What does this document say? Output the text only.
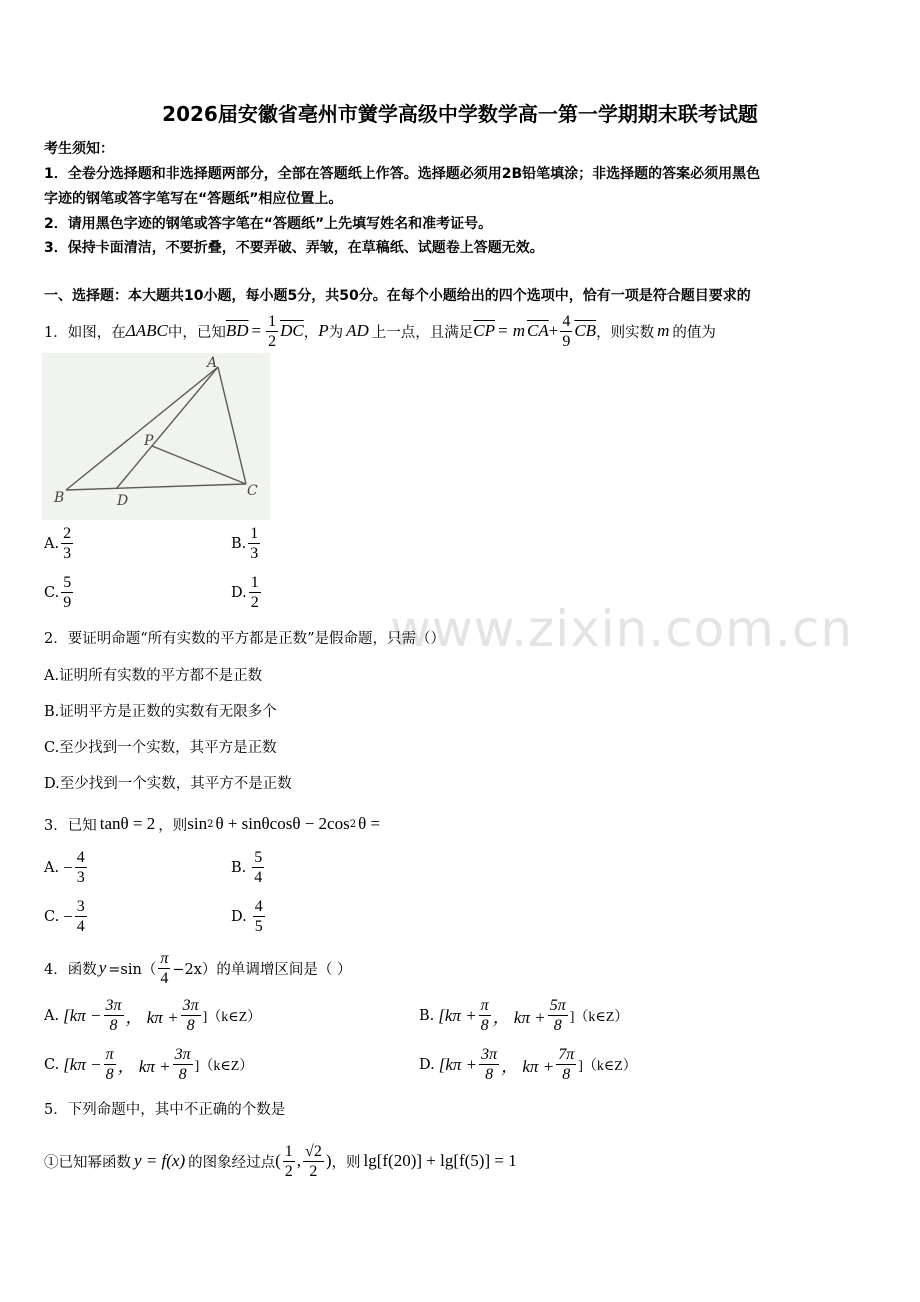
www.zixin.com.cn
2026届安徽省亳州市黉学高级中学数学高一第一学期期末联考试题
考生须知：
1．全卷分选择题和非选择题两部分，全部在答题纸上作答。选择题必须用2B铅笔填涂；非选择题的答案必须用黑色
字迹的钢笔或答字笔写在“答题纸”相应位置上。
2．请用黑色字迹的钢笔或答字笔在“答题纸”上先填写姓名和准考证号。
3．保持卡面清洁，不要折叠，不要弄破、弄皱，在草稿纸、试题卷上答题无效。
一、选择题：本大题共10小题，每小题5分，共50分。在每个小题给出的四个选项中，恰有一项是符合题目要求的
1．如图，在 ΔABC 中，已知 $\overline{BD} = \frac{1}{2} \overline{DC}$ ， P 为 AD 上一点，且满足 $\overline{CP} = m$ $\overline{CA} + \frac{4}{9} \overline{CB}$ ，则实数 m 的值为
A
B	C
D
P
A. $\frac{2}{3}$	B. $\frac{1}{3}$
C. $\frac{5}{9}$	D. $\frac{1}{2}$
2．要证明命题“所有实数的平方都是正数”是假命题，只需（）
A.证明所有实数的平方都不是正数
B.证明平方是正数的实数有无限多个
C.至少找到一个实数，其平方是正数
D.至少找到一个实数，其平方不是正数
3．已知 tanθ = 2 ，则 sin 2 θ + sinθcosθ − 2cos 2 θ =
A. − $\frac{4}{3}$	B. $\frac{5}{4}$
C. − $\frac{3}{4}$	D. $\frac{4}{5}$
4．函数 $y =\sin( \frac{\pi}{4} -2x)$的单调增区间是（ ）
A. [$k\pi - \frac{3\pi}{8}$ ， $k\pi + \frac{3\pi}{8}$ ]（k∈Z）	B. [$k\pi + \frac{\pi}{8}$ ， $k\pi + \frac{5\pi}{8}$ ]（k∈Z）
C. [$k\pi - \frac{\pi}{8}$ ， $k\pi + \frac{3\pi}{8}$ ]（k∈Z）	D. [$k\pi + \frac{3\pi}{8}$ ， $k\pi + \frac{7\pi}{8}$ ]（k∈Z）
5．下列命题中，其中不正确的个数是
①已知幂函数 y = f(x) 的图象经过点 ( $\frac{1}{2}$ , $\frac{√2}{2}$ ) ，则 lg[f(20)] + lg[f(5)] = 1
